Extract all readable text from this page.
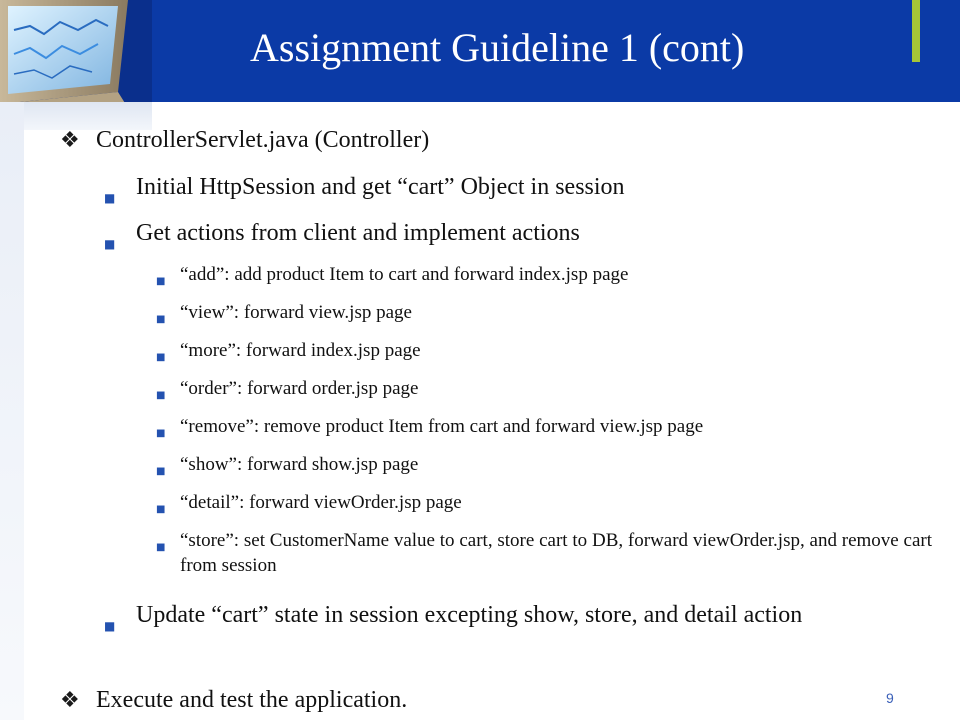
Assignment Guideline 1 (cont)
❖ ControllerServlet.java (Controller)
■ Initial HttpSession and get “cart” Object in session
■ Get actions from client and implement actions
■ “add”: add product Item to cart and forward index.jsp page
■ “view”: forward view.jsp page
■ “more”: forward index.jsp page
■ “order”: forward order.jsp page
■ “remove”: remove product Item from cart and forward view.jsp page
■ “show”: forward show.jsp page
■ “detail”: forward viewOrder.jsp page
■ “store”: set CustomerName value to cart, store cart to DB, forward viewOrder.jsp, and remove cart from session
■ Update “cart” state in session excepting show, store, and detail action
❖ Execute and test the application.	9
